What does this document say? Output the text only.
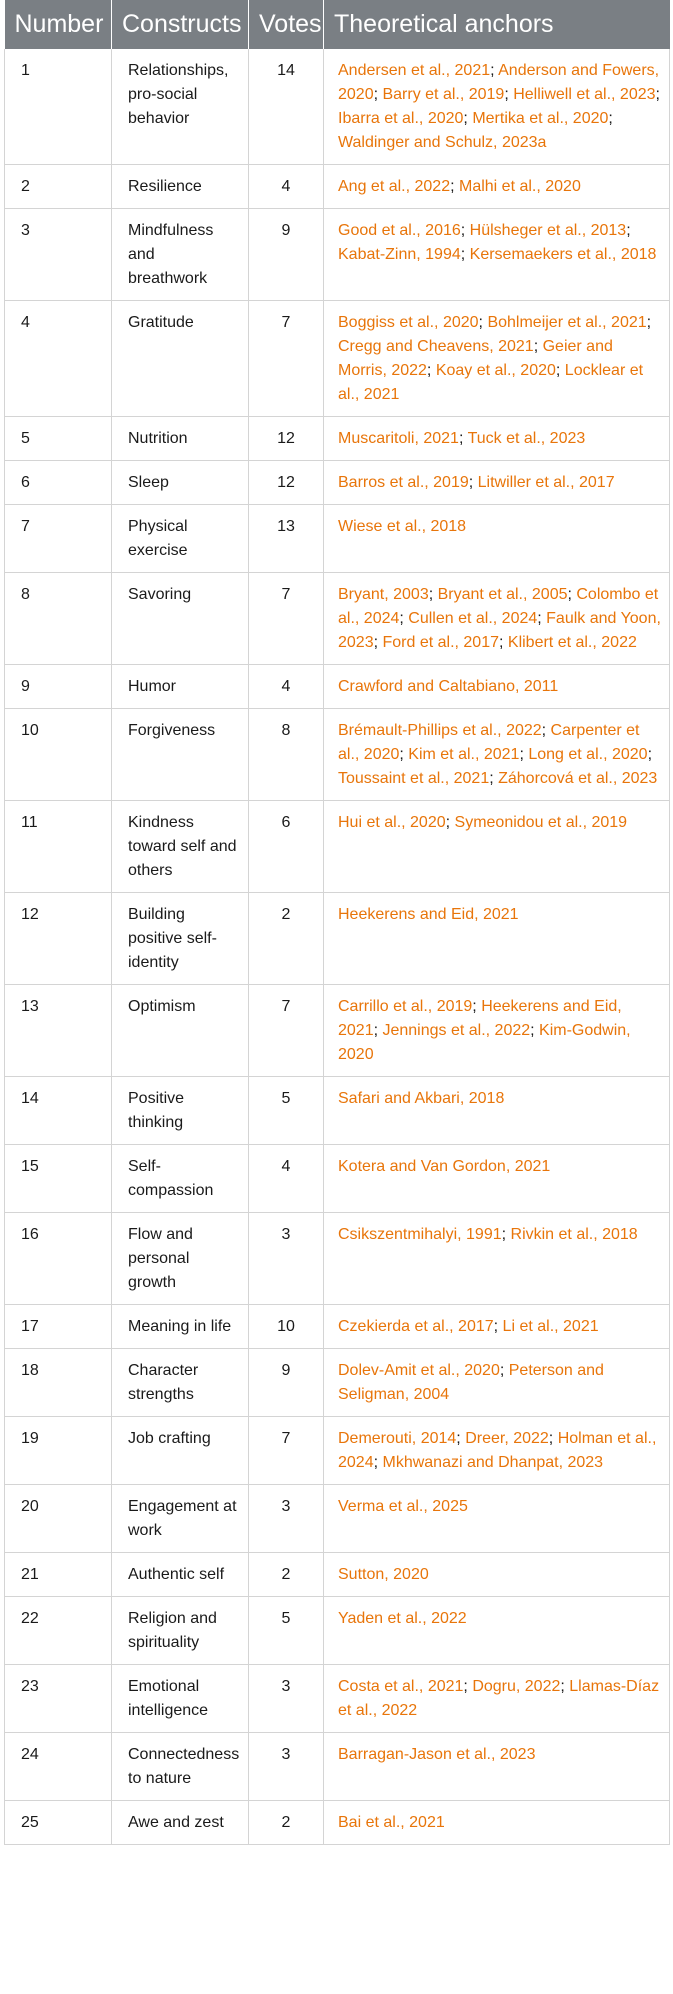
Number	Constructs	Votes	Theoretical anchors
1	Relationships, pro-social behavior	14	Andersen et al., 2021; Anderson and Fowers, 2020; Barry et al., 2019; Helliwell et al., 2023; Ibarra et al., 2020; Mertika et al., 2020; Waldinger and Schulz, 2023a
2	Resilience	4	Ang et al., 2022; Malhi et al., 2020
3	Mindfulness and breathwork	9	Good et al., 2016; Hülsheger et al., 2013; Kabat-Zinn, 1994; Kersemaekers et al., 2018
4	Gratitude	7	Boggiss et al., 2020; Bohlmeijer et al., 2021; Cregg and Cheavens, 2021; Geier and Morris, 2022; Koay et al., 2020; Locklear et al., 2021
5	Nutrition	12	Muscaritoli, 2021; Tuck et al., 2023
6	Sleep	12	Barros et al., 2019; Litwiller et al., 2017
7	Physical exercise	13	Wiese et al., 2018
8	Savoring	7	Bryant, 2003; Bryant et al., 2005; Colombo et al., 2024; Cullen et al., 2024; Faulk and Yoon, 2023; Ford et al., 2017; Klibert et al., 2022
9	Humor	4	Crawford and Caltabiano, 2011
10	Forgiveness	8	Brémault-Phillips et al., 2022; Carpenter et al., 2020; Kim et al., 2021; Long et al., 2020; Toussaint et al., 2021; Záhorcová et al., 2023
11	Kindness toward self and others	6	Hui et al., 2020; Symeonidou et al., 2019
12	Building positive self-identity	2	Heekerens and Eid, 2021
13	Optimism	7	Carrillo et al., 2019; Heekerens and Eid, 2021; Jennings et al., 2022; Kim-Godwin, 2020
14	Positive thinking	5	Safari and Akbari, 2018
15	Self-compassion	4	Kotera and Van Gordon, 2021
16	Flow and personal growth	3	Csikszentmihalyi, 1991; Rivkin et al., 2018
17	Meaning in life	10	Czekierda et al., 2017; Li et al., 2021
18	Character strengths	9	Dolev-Amit et al., 2020; Peterson and Seligman, 2004
19	Job crafting	7	Demerouti, 2014; Dreer, 2022; Holman et al., 2024; Mkhwanazi and Dhanpat, 2023
20	Engagement at work	3	Verma et al., 2025
21	Authentic self	2	Sutton, 2020
22	Religion and spirituality	5	Yaden et al., 2022
23	Emotional intelligence	3	Costa et al., 2021; Dogru, 2022; Llamas-Díaz et al., 2022
24	Connectedness to nature	3	Barragan-Jason et al., 2023
25	Awe and zest	2	Bai et al., 2021
